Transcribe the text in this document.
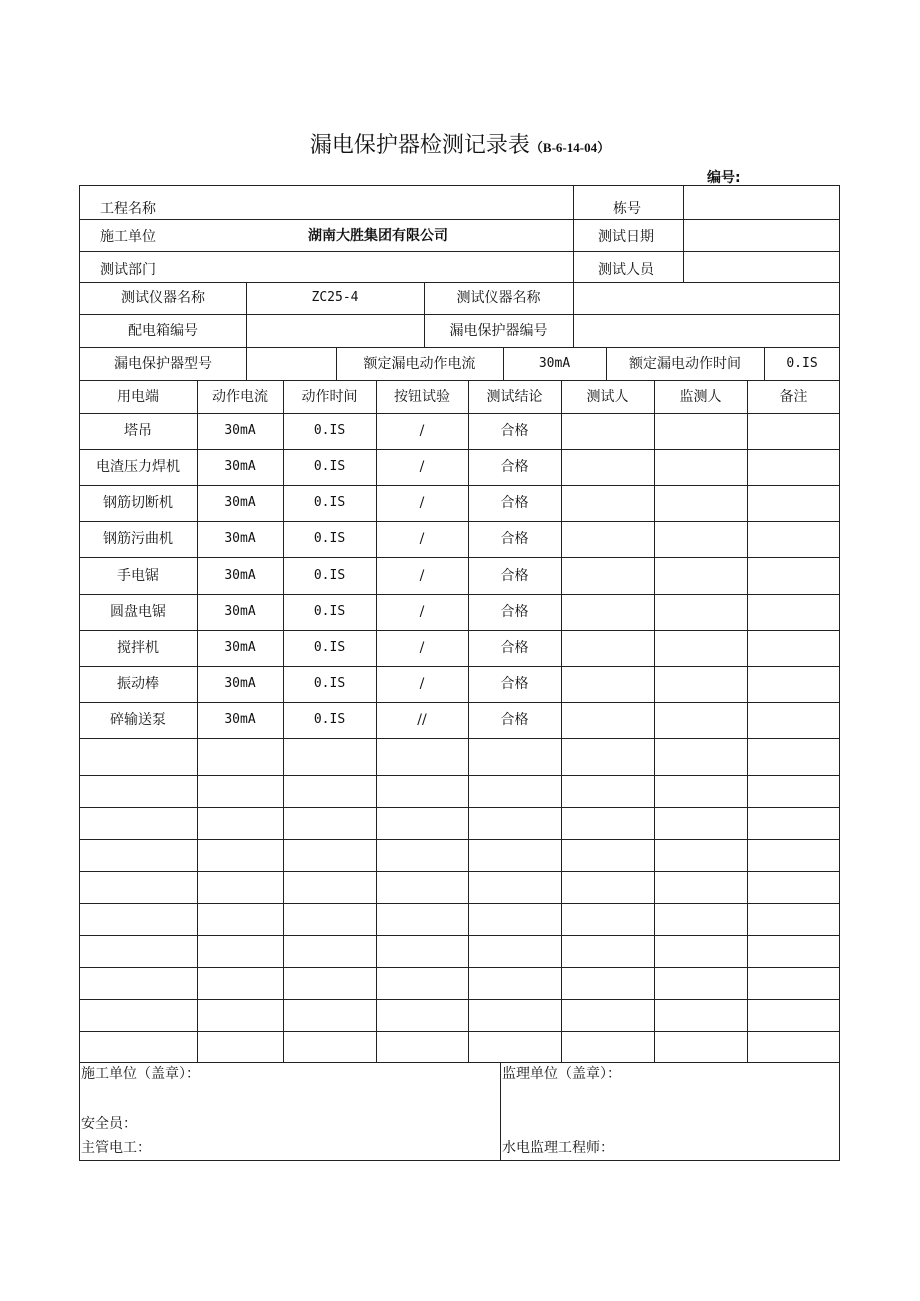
漏电保护器检测记录表（B-6-14-04）
编号:
工程名称	栋号
施工单位	湖南大胜集团有限公司	测试日期
测试部门	测试人员
测试仪器名称	ZC25-4	测试仪器名称
配电箱编号	漏电保护器编号
漏电保护器型号	额定漏电动作电流	30mA	额定漏电动作时间	0.IS
用电端	动作电流	动作时间	按钮试验	测试结论	测试人	监测人	备注
塔吊	30mA	0.IS	/	合格
电渣压力焊机	30mA	0.IS	/	合格
钢筋切断机	30mA	0.IS	/	合格
钢筋污曲机	30mA	0.IS	/	合格
手电锯	30mA	0.IS	/	合格
圆盘电锯	30mA	0.IS	/	合格
搅拌机	30mA	0.IS	/	合格
振动棒	30mA	0.IS	/	合格
碎输送泵	30mA	0.IS	//	合格
施工单位（盖章）：	监理单位（盖章）：
安全员：
主管电工：	水电监理工程师：
